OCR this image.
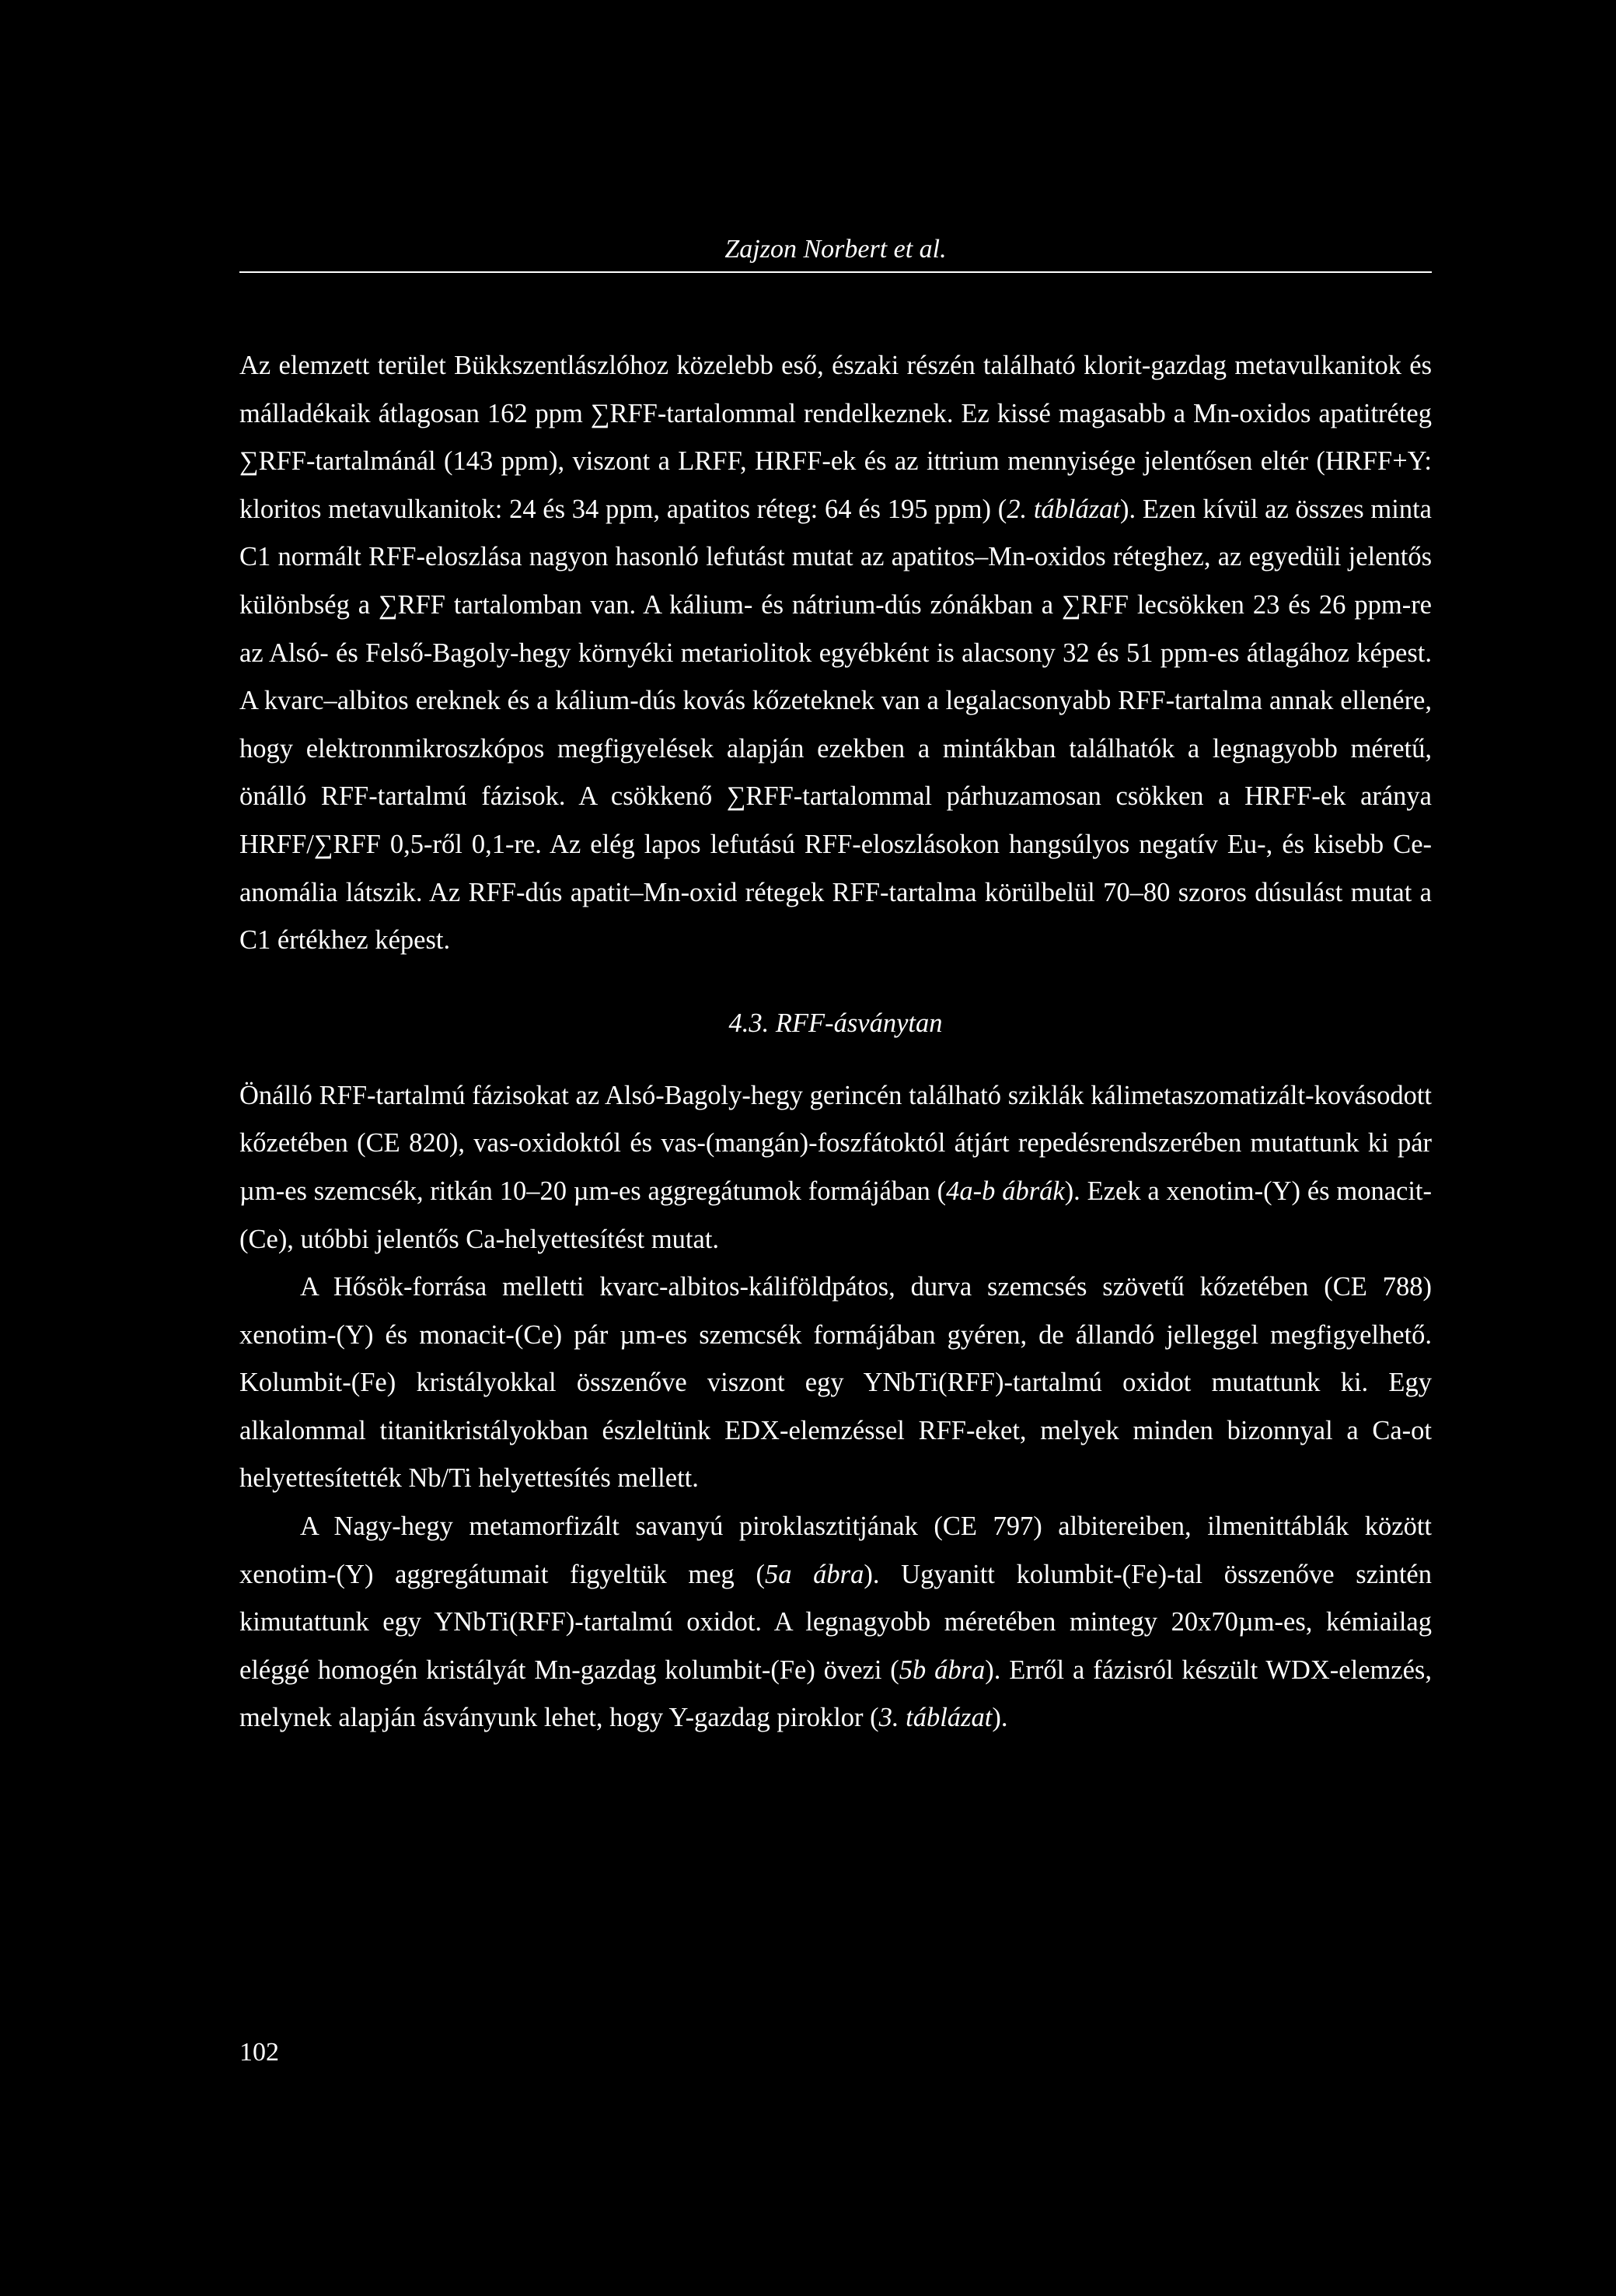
Zajzon Norbert et al.

Az elemzett terület Bükkszentlászlóhoz közelebb eső, északi részén található klorit-gazdag metavulkanitok és málladékaik átlagosan 162 ppm ∑RFF-tartalommal rendelkeznek. Ez kissé magasabb a Mn-oxidos apatitréteg ∑RFF-tartalmánál (143 ppm), viszont a LRFF, HRFF-ek és az ittrium mennyisége jelentősen eltér (HRFF+Y: kloritos metavulkanitok: 24 és 34 ppm, apatitos réteg: 64 és 195 ppm) (2. táblázat). Ezen kívül az összes minta C1 normált RFF-eloszlása nagyon hasonló lefutást mutat az apatitos–Mn-oxidos réteghez, az egyedüli jelentős különbség a ∑RFF tartalomban van. A kálium- és nátrium-dús zónákban a ∑RFF lecsökken 23 és 26 ppm-re az Alsó- és Felső-Bagoly-hegy környéki metariolitok egyébként is alacsony 32 és 51 ppm-es átlagához képest. A kvarc–albitos ereknek és a kálium-dús kovás kőzeteknek van a legalacsonyabb RFF-tartalma annak ellenére, hogy elektronmikroszkópos megfigyelések alapján ezekben a mintákban találhatók a legnagyobb méretű, önálló RFF-tartalmú fázisok. A csökkenő ∑RFF-tartalommal párhuzamosan csökken a HRFF-ek aránya HRFF/∑RFF 0,5-ről 0,1-re. Az elég lapos lefutású RFF-eloszlásokon hangsúlyos negatív Eu-, és kisebb Ce-anomália látszik. Az RFF-dús apatit–Mn-oxid rétegek RFF-tartalma körülbelül 70–80 szoros dúsulást mutat a C1 értékhez képest.

4.3. RFF-ásványtan

Önálló RFF-tartalmú fázisokat az Alsó-Bagoly-hegy gerincén található sziklák kálimetaszomatizált-kovásodott kőzetében (CE 820), vas-oxidoktól és vas-(mangán)-foszfátoktól átjárt repedésrendszerében mutattunk ki pár µm-es szemcsék, ritkán 10–20 µm-es aggregátumok formájában (4a-b ábrák). Ezek a xenotim-(Y) és monacit-(Ce), utóbbi jelentős Ca-helyettesítést mutat.

A Hősök-forrása melletti kvarc-albitos-káliföldpátos, durva szemcsés szövetű kőzetében (CE 788) xenotim-(Y) és monacit-(Ce) pár µm-es szemcsék formájában gyéren, de állandó jelleggel megfigyelhető. Kolumbit-(Fe) kristályokkal összenőve viszont egy YNbTi(RFF)-tartalmú oxidot mutattunk ki. Egy alkalommal titanitkristályokban észleltünk EDX-elemzéssel RFF-eket, melyek minden bizonnyal a Ca-ot helyettesítették Nb/Ti helyettesítés mellett.

A Nagy-hegy metamorfizált savanyú piroklasztitjának (CE 797) albitereiben, ilmenittáblák között xenotim-(Y) aggregátumait figyeltük meg (5a ábra). Ugyanitt kolumbit-(Fe)-tal összenőve szintén kimutattunk egy YNbTi(RFF)-tartalmú oxidot. A legnagyobb méretében mintegy 20x70µm-es, kémiailag eléggé homogén kristályát Mn-gazdag kolumbit-(Fe) övezi (5b ábra). Erről a fázisról készült WDX-elemzés, melynek alapján ásványunk lehet, hogy Y-gazdag piroklor (3. táblázat).

102
